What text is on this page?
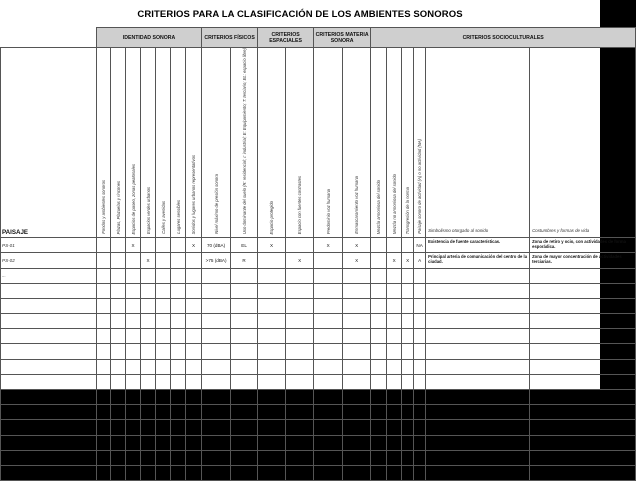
CRITERIOS PARA LA CLASIFICACIÓN DE LOS AMBIENTES SONOROS
	IDENTIDAD SONORA							CRITERIOS FÍSICOS		CRITERIOS ESPACIALES		CRITERIOS MATERIA SONORA		CRITERIOS SOCIOCULTURALES					

PAISAJE	Fondos y ambientes sonoros	Plazas, Plazuelas y rincones	Espacios de paseo, zonas peatonales	Espacios verdes urbanos	Calles y avenidas	Lugares sensibles	Sonidos y lugares urbanos representativos	Nivel máximo de presión sonora	Uso dominante del suelo (R: residencial; I: industrial; E: Equipamiento; T: terciario; EL: espacio libre)	Espacio protegido	Espacio con fuentes contrastes	Predominio voz humana	Enmascaramiento voz humana	Mezcla armoniosa del sonido	Mezcla no armoniosa del sonido	Transgresión de la norma	Paisaje sonoro de actividad (A) o no actividad (NA)	Simbolismo otorgado al sonido	Costumbres y formas de vida

PS-01			X				X	70 (dBA)	EL	X		X	X				NA	Existencia de fuente características.	Zona de retiro y ocio, con actividades de forma esporádica.
PS-02				X				>75 (dBA)	R		X		X		X	X	A	Principal arteria de comunicación del centro de la ciudad.	Zona de mayor concentración de actividades terciarias.
...																			
